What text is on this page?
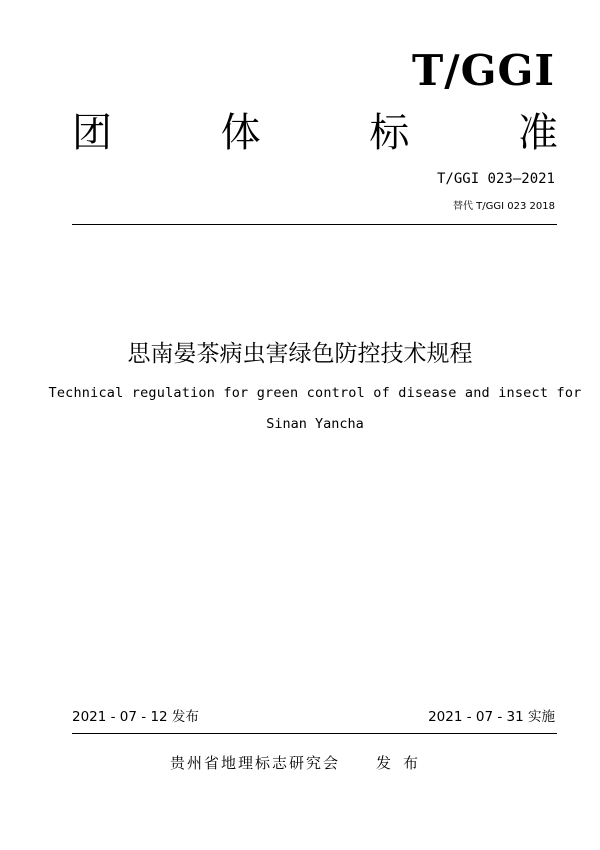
T/GGI
团	体	标	准
T/GGI 023—2021
替代 T/GGI 023 2018
思南晏茶病虫害绿色防控技术规程
Technical regulation for green control of disease and insect for
Sinan Yancha
2021 - 07 - 12 发布	2021 - 07 - 31 实施
贵州省地理标志研究会 发布
